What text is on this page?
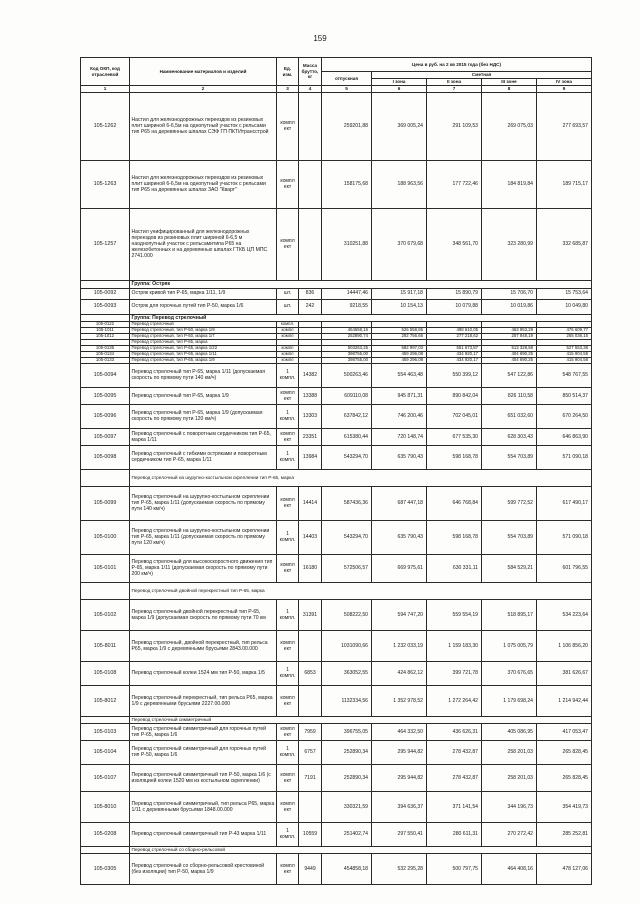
159
Код ОКП, код отраслевой	Наименование материалов и изделий	Ед. изм.	Масса брутто, кг	Цена в руб. на 2 кв 2015 года (без НДС)				
				отпускная	Сметная			
					I зона	II зона	III зоне	IV зона
1	2	3	4	5	6	7	8	9
105-1262	Настил для железнодорожных переездов из резиновых плит шириной 6-6,5м на однопутный участок с рельсами тип Р65 на деревянных шпалах СЭФ ГП ПКТИтрансстрой	компл ект		259201,88	369 005,24	291 109,53	269 075,03	277 693,57
105-1263	Настил для железнодорожных переездов из резиновых плит шириной 6-6,5м на однопутный участок с рельсами тип Р65 на деревянных шпалах ЗАО "Кварт"	компл ект		158175,68	188 963,56	177 722,46	184 819,84	189 715,17
105-1257	Настил унифицированный для железнодорожных переездов из резиновых плит шириной 6-6,5 м наоднопутный участок с рельсамитипа Р65 на железобетонных и на деревянных шпалах ГТКБ ЦП МПС 2741.000	компл ект		310251,88	370 679,68	348 561,70	323 280,99	332 685,87
	Группа: Остряк							
105-0092	Остряк кривой тип Р-65, марка 1/11, 1/9	шт.	836	14447,46	15 917,18	15 890,79	15 706,70	15 753,64
105-0093	Остряк для горочных путей тип Р-50, марка 1/6	шт.	242	9218,55	10 154,13	10 079,88	10 019,86	10 049,80
	Группа: Перевод стрелочный							
105-0122	Перевод стрелочный	компл.						
105-1011	Перевод стрелочный, тип Р-50, марка 1/9	компл		454658,16	526 558,86	498 610,05	463 953,29	476 609,77
105-1012	Перевод стрелочный, тип Р-50, марка 1/7	компл		252890,74	292 756,66	277 218,62	257 948,19	265 036,15
	Перевод стрелочный, тип Р-65, марка							
105-0135	Перевод стрелочный, тип Р-65, марка 1/22	компл		503263,25	582 997,03	551 673,87	513 328,58	527 553,38
105-0134	Перевод стрелочный, тип Р-65, марка 1/11	компл		398755,00	459 296,08	434 920,17	404 690,25	415 904,58
105-0133	Перевод стрелочный, тип Р-65, марка 1/9	компл		398755,00	459 296,08	434 920,17	404 690,25	415 904,58
105-0094	Перевод стрелочный тип Р-65, марка 1/11 (допускаемая скорость по прямому пути 140 км/ч)	1 компл.	14382	500263,46	554 463,48	550 399,12	547 122,86	548 767,55
105-0095	Перевод стрелочный тип Р-65, марка 1/9	компл ект	13388	609110,08	945 871,31	890 842,04	826 110,58	850 514,37
105-0096	Перевод стрелочный тип Р-65, марка 1/9 (допускаемая скорость по прямому пути 120 км/ч)	1 компл.	13303	637842,12	746 200,46	702 045,01	651 032,60	670 264,50
105-0097	Перевод стрелочный с поворотным сердечником тип Р-65, марка 1/11	компл ект	23351	615380,44	720 148,74	677 535,30	628 303,43	646 863,90
105-0098	Перевод стрелочный с гибкими остряками и поворотным сердечником тип Р-65, марка 1/11	1 компл.	13984	543294,70	635 790,43	598 168,78	554 703,89	571 090,18
	Перевод стрелочный на шурупно-костыльном скреплении тип Р-65, марка							
105-0099	Перевод стрелочный на шурупно-костыльном скреплении тип Р-65, марка 1/11 (допускаемая скорость по прямому пути 140 км/ч)	компл ект	14414	587436,36	687 447,18	646 768,84	599 772,52	617 490,17
105-0100	Перевод стрелочный на шурупно-костыльном скреплении тип Р-65, марка 1/11 (допускаемая скорость по прямому пути 120 км/ч)	1 компл.	14403	543294,70	635 790,43	598 168,78	554 703,89	571 090,18
105-0101	Перевод стрелочный для высокоскоростного движения тип Р-65, марка 1/11 (допускаемая скорость по прямому пути 200 км/ч)	компл ект	16180	572506,57	669 975,61	630 331,11	584 529,21	601 796,55
	Перевод стрелочный двойной перекрестный тип Р-65, марка							
105-0102	Перевод стрелочный двойной перекрестный тип Р-65, марка 1/9 (допускаемая скорость по прямому пути 70 км	1 компл.	31391	508222,50	594 747,20	559 554,19	518 895,17	534 223,64
105-8011	Перевод стрелочный, двойной перекрестный, тип рельса Р65, марка 1/9 с деревянными брусьями 2843.00.000	компл ект		1031090,66	1 232 033,19	1 159 183,30	1 075 005,79	1 106 856,20
105-0108	Перевод стрелочный колеи 1524 мм тип Р-50, марка 1/5	1 компл.	6853	363052,55	424 862,12	399 721,78	370 676,65	381 626,67
105-8012	Перевод стрелочный перекрестный, тип рельса Р65, марка 1/9 с деревянными брусьями 2227.00.000	компл ект		1132334,56	1 352 978,52	1 272 264,42	1 179 698,24	1 214 942,44
	Перевод стрелочный симметричный							
105-0103	Перевод стрелочный симметричный для горочных путей тип Р-65, марка 1/6	компл ект	7959	396755,05	464 332,50	436 626,31	405 086,95	417 053,47
105-0104	Перевод стрелочный симметричный для горочных путей тип Р-50, марка 1/6	1 компл.	6757	252890,34	295 944,82	278 432,87	258 201,03	265 828,45
105-0107	Перевод стрелочный симметричный тип Р-50, марка 1/6 (с изоляцией колеи 1520 мм из костыльном скреплении)	компл ект	7191	252890,34	295 944,82	278 432,87	258 201,03	265 828,45
105-8010	Перевод стрелочный симметричный, тип рельса Р65, марка 1/11 с деревянными брусьями 1848.00.000	компл ект		330321,59	394 636,37	371 141,54	344 196,73	354 419,73
105-0208	Перевод стрелочный симметричный тип Р-43 марка 1/11	1 компл.	10559	251402,74	297 550,41	280 611,31	270 272,42	285 252,81
	Перевод стрелочный со сборно-рельсовой							
105-0305	Перевод стрелочный со сборно-рельсовой крестовиной (без изоляции) тип Р-50, марка 1/9	компл ект	9449	454858,18	532 295,28	500 797,75	464 408,16	478 127,06
